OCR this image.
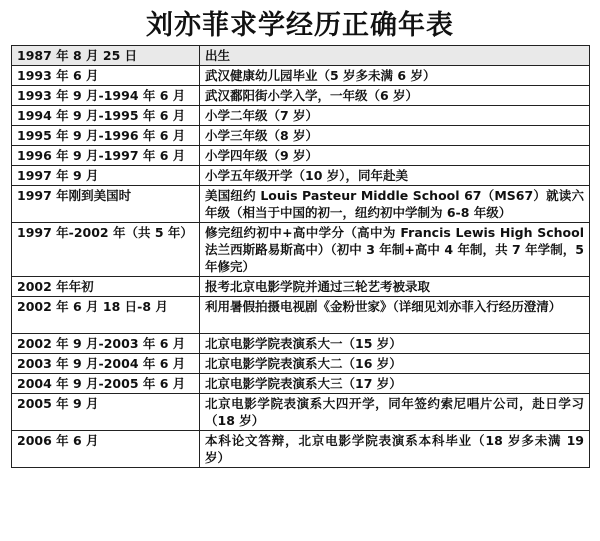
刘亦菲求学经历正确年表
1987 年 8 月 25 日	出生
1993 年 6 月	武汉健康幼儿园毕业（5 岁多未满 6 岁）
1993 年 9 月-1994 年 6 月	武汉鄱阳街小学入学，一年级（6 岁）
1994 年 9 月-1995 年 6 月	小学二年级（7 岁）
1995 年 9 月-1996 年 6 月	小学三年级（8 岁）
1996 年 9 月-1997 年 6 月	小学四年级（9 岁）
1997 年 9 月	小学五年级开学（10 岁），同年赴美
1997 年刚到美国时	美国纽约 Louis Pasteur Middle School 67（MS67）就读六年级（相当于中国的初一，纽约初中学制为 6-8 年级）
1997 年-2002 年（共 5 年）	修完纽约初中+高中学分（高中为 Francis Lewis High School 法兰西斯路易斯高中）（初中 3 年制+高中 4 年制，共 7 年学制，5 年修完）
2002 年年初	报考北京电影学院并通过三轮艺考被录取
2002 年 6 月 18 日-8 月	利用暑假拍摄电视剧《金粉世家》（详细见刘亦菲入行经历澄清）
2002 年 9 月-2003 年 6 月	北京电影学院表演系大一（15 岁）
2003 年 9 月-2004 年 6 月	北京电影学院表演系大二（16 岁）
2004 年 9 月-2005 年 6 月	北京电影学院表演系大三（17 岁）
2005 年 9 月	北京电影学院表演系大四开学，同年签约索尼唱片公司，赴日学习（18 岁）
2006 年 6 月	本科论文答辩，北京电影学院表演系本科毕业（18 岁多未满 19 岁）
